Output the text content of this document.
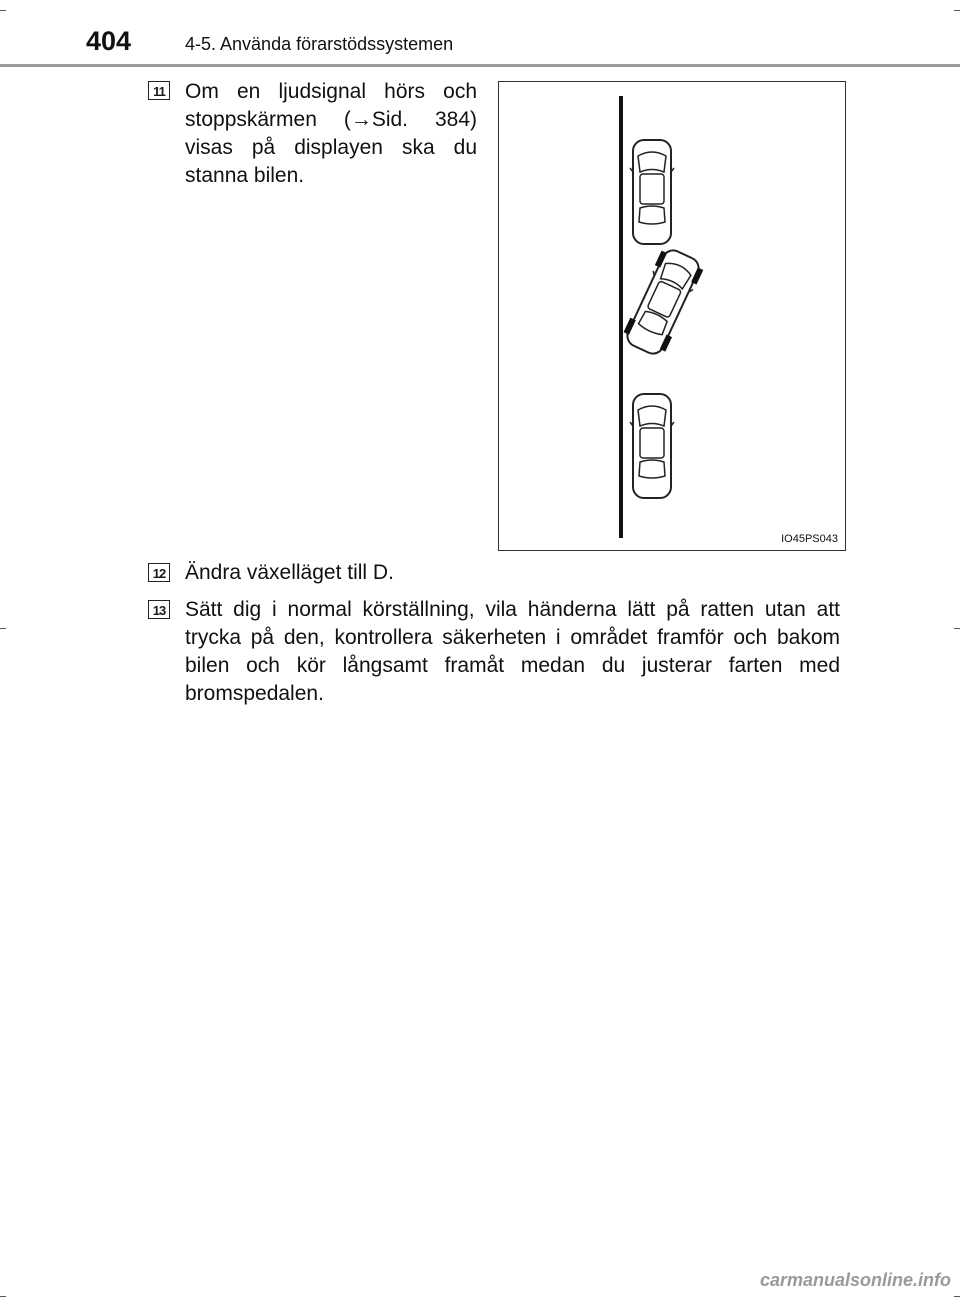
404	4-5. Använda förarstödssystemen
11 Om en ljudsignal hörs och stoppskärmen (→Sid. 384) visas på displayen ska du stanna bilen.
IO45PS043
12 Ändra växelläget till D.
13 Sätt dig i normal körställning, vila händerna lätt på ratten utan att trycka på den, kontrollera säkerheten i området framför och bakom bilen och kör långsamt framåt medan du justerar farten med bromspedalen.
carmanualsonline.info
